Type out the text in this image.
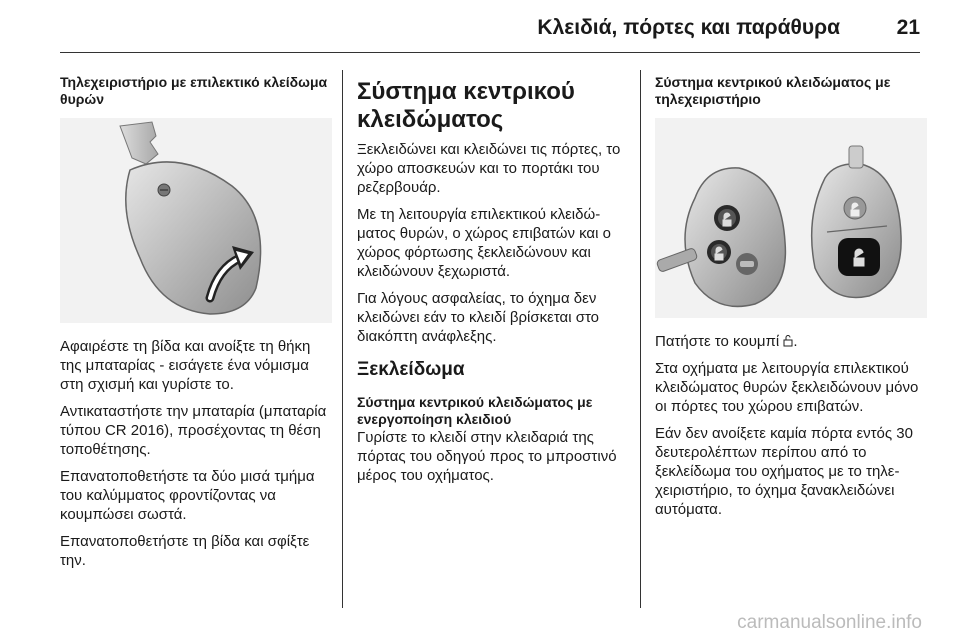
Κλειδιά, πόρτες και παράθυρα	21
Τηλεχειριστήριο με επιλεκτικό κλείδωμα θυρών
Αφαιρέστε τη βίδα και ανοίξτε τη θήκη της μπαταρίας - εισάγετε ένα νόμισμα στη σχισμή και γυρίστε το.
Αντικαταστήστε την μπαταρία (μπαταρία τύπου CR 2016), προσέχοντας τη θέση τοποθέτησης.
Επανατοποθετήστε τα δύο μισά τμήμα του καλύμματος φροντίζοντας να κουμπώσει σωστά.
Επανατοποθετήστε τη βίδα και σφίξτε την.
Σύστημα κεντρικού κλειδώματος
Ξεκλειδώνει και κλειδώνει τις πόρτες, το χώρο αποσκευών και το πορτάκι του ρεζερβουάρ.
Με τη λειτουργία επιλεκτικού κλειδώματος θυρών, ο χώρος επιβατών και ο χώρος φόρτωσης ξεκλειδώνουν και κλειδώνουν ξεχωριστά.
Για λόγους ασφαλείας, το όχημα δεν κλειδώνει εάν το κλειδί βρίσκεται στο διακόπτη ανάφλεξης.
Ξεκλείδωμα
Σύστημα κεντρικού κλειδώματος με ενεργοποίηση κλειδιού
Γυρίστε το κλειδί στην κλειδαριά της πόρτας του οδηγού προς το μπροστινό μέρος του οχήματος.
Σύστημα κεντρικού κλειδώματος με τηλεχειριστήριο
Πατήστε το κουμπί .
Στα οχήματα με λειτουργία επιλεκτικού κλειδώματος θυρών ξεκλειδώνουν μόνο οι πόρτες του χώρου επιβατών.
Εάν δεν ανοίξετε καμία πόρτα εντός 30 δευτερολέπτων περίπου από το ξεκλείδωμα του οχήματος με το τηλεχειριστήριο, το όχημα ξανακλειδώνει αυτόματα.
carmanualsonline.info
